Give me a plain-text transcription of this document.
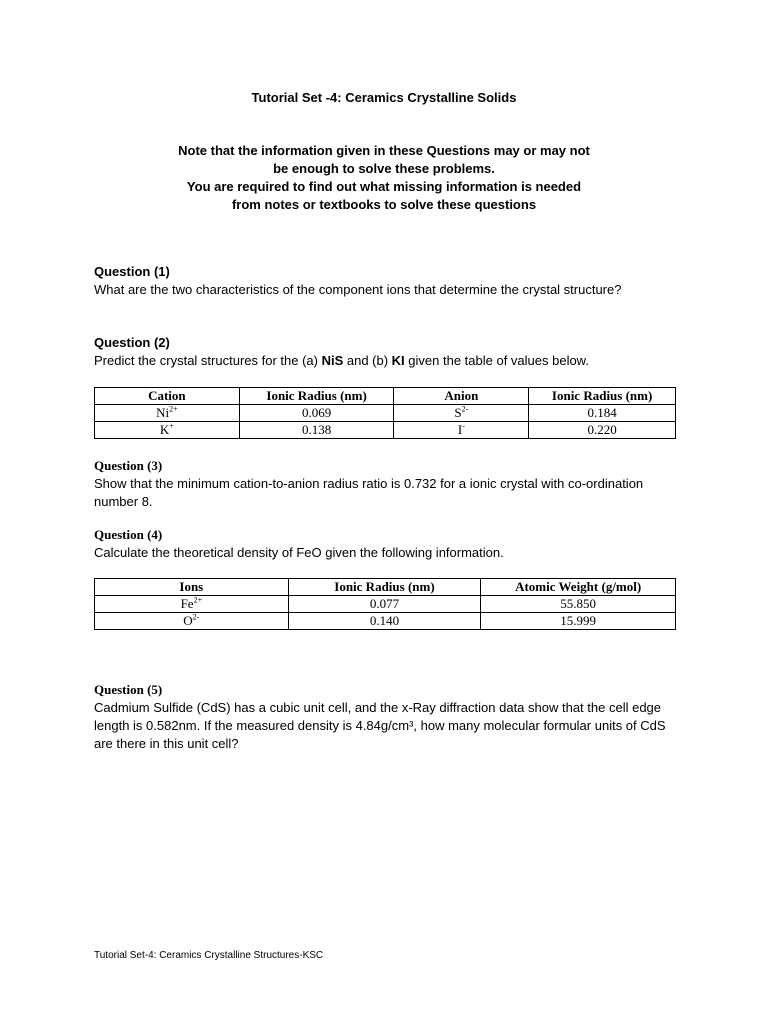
Tutorial Set -4: Ceramics Crystalline Solids
Note that the information given in these Questions may or may not
be enough to solve these problems.
You are required to find out what missing information is needed
from notes or textbooks to solve these questions
Question (1)
What are the two characteristics of the component ions that determine the crystal structure?
Question (2)
Predict the crystal structures for the (a) NiS and (b) KI given the table of values below.
Cation	Ionic Radius (nm)	Anion	Ionic Radius (nm)
$Ni^{2+}$	0.069	$S^{2-}$	0.184
K+	0.138	I-	0.220
Question (3)
Show that the minimum cation-to-anion radius ratio is 0.732 for a ionic crystal with co-ordination number 8.
Question (4)
Calculate the theoretical density of FeO given the following information.
Ions	Ionic Radius (nm)	Atomic Weight (g/mol)
$Fe^{2+}$	0.077	55.850
$O^{2-}$	0.140	15.999
Question (5)
Cadmium Sulfide (CdS) has a cubic unit cell, and the x-Ray diffraction data show that the cell edge length is 0.582nm. If the measured density is 4.84g/cm³, how many molecular formular units of CdS are there in this unit cell?
Tutorial Set-4: Ceramics Crystalline Structures-KSC
